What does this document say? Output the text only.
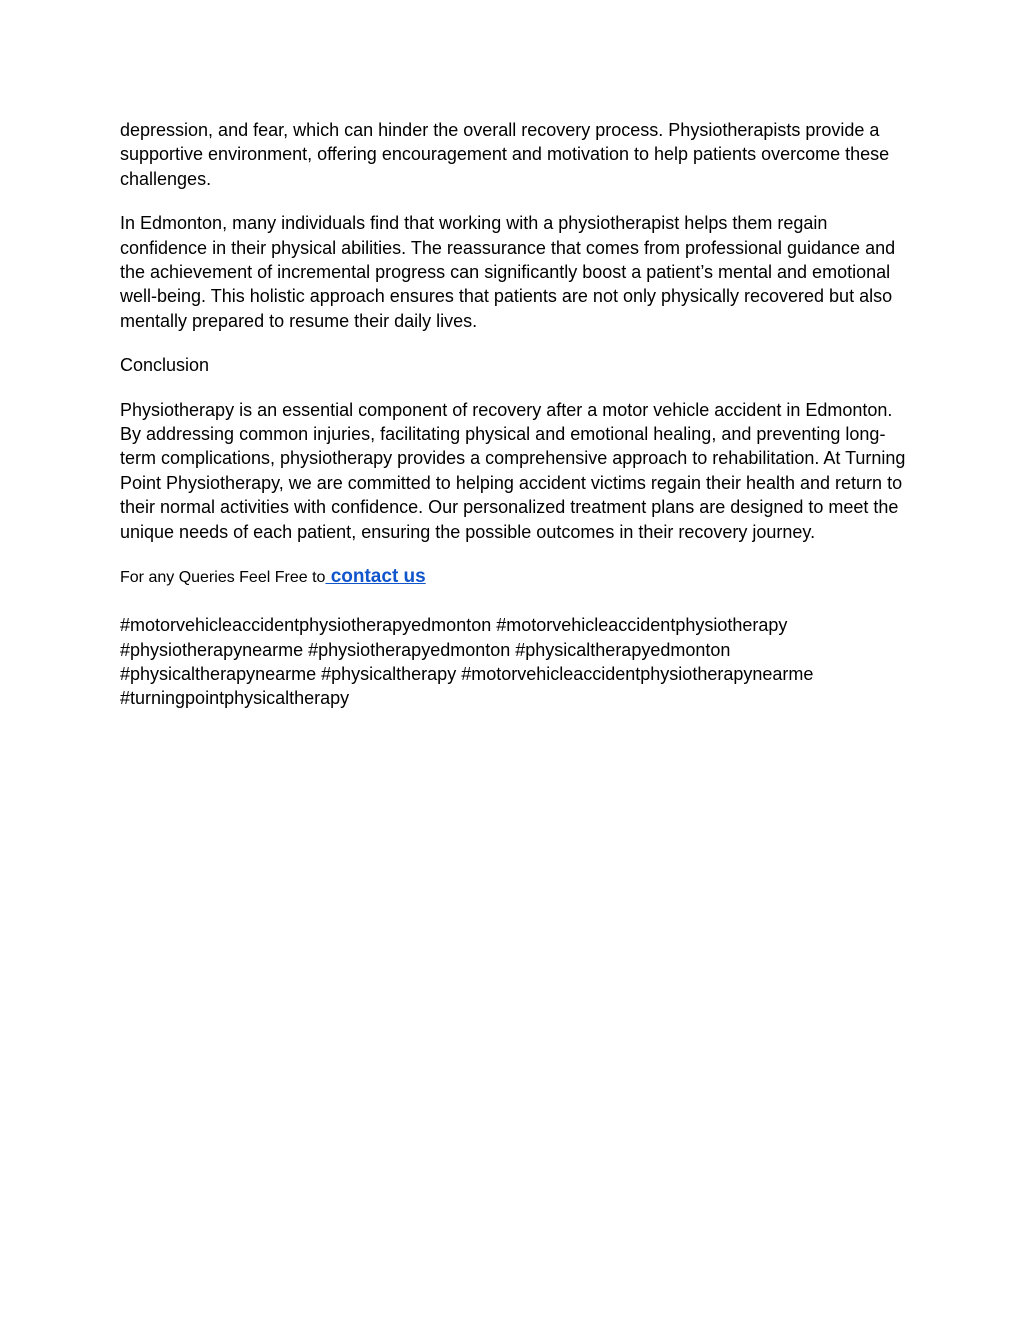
depression, and fear, which can hinder the overall recovery process. Physiotherapists provide a supportive environment, offering encouragement and motivation to help patients overcome these challenges.

In Edmonton, many individuals find that working with a physiotherapist helps them regain confidence in their physical abilities. The reassurance that comes from professional guidance and the achievement of incremental progress can significantly boost a patient’s mental and emotional well-being. This holistic approach ensures that patients are not only physically recovered but also mentally prepared to resume their daily lives.

Conclusion

Physiotherapy is an essential component of recovery after a motor vehicle accident in Edmonton. By addressing common injuries, facilitating physical and emotional healing, and preventing long-term complications, physiotherapy provides a comprehensive approach to rehabilitation. At Turning Point Physiotherapy, we are committed to helping accident victims regain their health and return to their normal activities with confidence. Our personalized treatment plans are designed to meet the unique needs of each patient, ensuring the possible outcomes in their recovery journey.

For any Queries Feel Free to contact us

#motorvehicleaccidentphysiotherapyedmonton #motorvehicleaccidentphysiotherapy #physiotherapynearme #physiotherapyedmonton #physicaltherapyedmonton #physicaltherapynearme #physicaltherapy #motorvehicleaccidentphysiotherapynearme #turningpointphysicaltherapy
